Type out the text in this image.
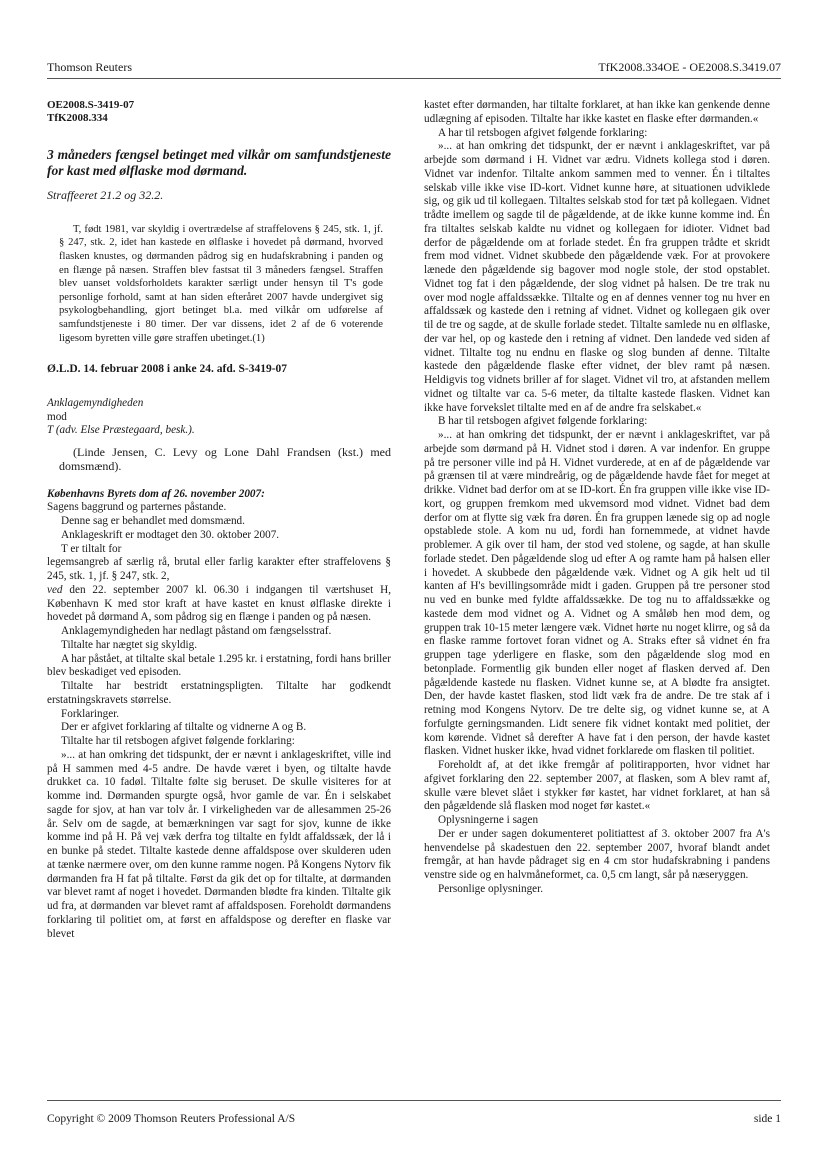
Thomson Reuters	TfK2008.334OE - OE2008.S.3419.07

OE2008.S-3419-07

TfK2008.334

3 måneders fængsel betinget med vilkår om samfundstjeneste for kast med ølflaske mod dørmand.

Straffeeret 21.2 og 32.2.

T, født 1981, var skyldig i overtrædelse af straffelovens § 245, stk. 1, jf. § 247, stk. 2, idet han kastede en ølflaske i hovedet på dørmand, hvorved flasken knustes, og dørmanden pådrog sig en hudafskrabning i panden og en flænge på næsen. Straffen blev fastsat til 3 måneders fængsel. Straffen blev uanset voldsforholdets karakter særligt under hensyn til T's gode personlige forhold, samt at han siden efteråret 2007 havde undergivet sig psykologbehandling, gjort betinget bl.a. med vilkår om udførelse af samfundstjeneste i 80 timer. Der var dissens, idet 2 af de 6 voterende ligesom byretten ville gøre straffen ubetinget.(1)

Ø.L.D. 14. februar 2008 i anke 24. afd. S-3419-07

Anklagemyndigheden

mod

T (adv. Else Præstegaard, besk.).

(Linde Jensen, C. Levy og Lone Dahl Frandsen (kst.) med domsmænd).

Københavns Byrets dom af 26. november 2007:

Sagens baggrund og parternes påstande.

Denne sag er behandlet med domsmænd.

Anklageskrift er modtaget den 30. oktober 2007.

T er tiltalt for

legemsangreb af særlig rå, brutal eller farlig karakter efter straffelovens § 245, stk. 1, jf. § 247, stk. 2,

ved den 22. september 2007 kl. 06.30 i indgangen til værtshuset H, København K med stor kraft at have kastet en knust ølflaske direkte i hovedet på dørmand A, som pådrog sig en flænge i panden og på næsen.

Anklagemyndigheden har nedlagt påstand om fængselsstraf.

Tiltalte har nægtet sig skyldig.

A har påstået, at tiltalte skal betale 1.295 kr. i erstatning, fordi hans briller blev beskadiget ved episoden.

Tiltalte har bestridt erstatningspligten. Tiltalte har godkendt erstatningskravets størrelse.

Forklaringer.

Der er afgivet forklaring af tiltalte og vidnerne A og B.

Tiltalte har til retsbogen afgivet følgende forklaring:

»... at han omkring det tidspunkt, der er nævnt i anklageskriftet, ville ind på H sammen med 4-5 andre. De havde været i byen, og tiltalte havde drukket ca. 10 fadøl. Tiltalte følte sig beruset. De skulle visiteres for at komme ind. Dørmanden spurgte også, hvor gamle de var. Én i selskabet sagde for sjov, at han var tolv år. I virkeligheden var de allesammen 25-26 år. Selv om de sagde, at bemærkningen var sagt for sjov, kunne de ikke komme ind på H. På vej væk derfra tog tiltalte en fyldt affaldssæk, der lå i en bunke på stedet. Tiltalte kastede denne affaldspose over skulderen uden at tænke nærmere over, om den kunne ramme nogen. På Kongens Nytorv fik dørmanden fra H fat på tiltalte. Først da gik det op for tiltalte, at dørmanden var blevet ramt af noget i hovedet. Dørmanden blødte fra kinden. Tiltalte gik ud fra, at dørmanden var blevet ramt af affaldsposen. Foreholdt dørmandens forklaring til politiet om, at først en affaldspose og derefter en flaske var blevet

kastet efter dørmanden, har tiltalte forklaret, at han ikke kan genkende denne udlægning af episoden. Tiltalte har ikke kastet en flaske efter dørmanden.«

A har til retsbogen afgivet følgende forklaring:

»... at han omkring det tidspunkt, der er nævnt i anklageskriftet, var på arbejde som dørmand i H. Vidnet var ædru. Vidnets kollega stod i døren. Vidnet var indenfor. Tiltalte ankom sammen med to venner. Én i tiltaltes selskab ville ikke vise ID-kort. Vidnet kunne høre, at situationen udviklede sig, og gik ud til kollegaen. Tiltaltes selskab stod for tæt på kollegaen. Vidnet trådte imellem og sagde til de pågældende, at de ikke kunne komme ind. Én fra tiltaltes selskab kaldte nu vidnet og kollegaen for idioter. Vidnet bad derfor de pågældende om at forlade stedet. Én fra gruppen trådte et skridt frem mod vidnet. Vidnet skubbede den pågældende væk. For at provokere lænede den pågældende sig bagover mod nogle stole, der stod opstablet. Vidnet tog fat i den pågældende, der slog vidnet på halsen. De tre trak nu over mod nogle affaldssække. Tiltalte og en af dennes venner tog nu hver en affaldssæk og kastede den i retning af vidnet. Vidnet og kollegaen gik over til de tre og sagde, at de skulle forlade stedet. Tiltalte samlede nu en ølflaske, der var hel, op og kastede den i retning af vidnet. Den landede ved siden af vidnet. Tiltalte tog nu endnu en flaske og slog bunden af denne. Tiltalte kastede den pågældende flaske efter vidnet, der blev ramt på næsen. Heldigvis tog vidnets briller af for slaget. Vidnet vil tro, at afstanden mellem vidnet og tiltalte var ca. 5-6 meter, da tiltalte kastede flasken. Vidnet kan ikke have forvekslet tiltalte med en af de andre fra selskabet.«

B har til retsbogen afgivet følgende forklaring:

»... at han omkring det tidspunkt, der er nævnt i anklageskriftet, var på arbejde som dørmand på H. Vidnet stod i døren. A var indenfor. En gruppe på tre personer ville ind på H. Vidnet vurderede, at en af de pågældende var på grænsen til at være mindreårig, og de pågældende havde fået for meget at drikke. Vidnet bad derfor om at se ID-kort. Én fra gruppen ville ikke vise ID-kort, og gruppen fremkom med ukvemsord mod vidnet. Vidnet bad dem derfor om at flytte sig væk fra døren. Én fra gruppen lænede sig op ad nogle opstablede stole. A kom nu ud, fordi han fornemmede, at vidnet havde problemer. A gik over til ham, der stod ved stolene, og sagde, at han skulle forlade stedet. Den pågældende slog ud efter A og ramte ham på halsen eller i hovedet. A skubbede den pågældende væk. Vidnet og A gik helt ud til kanten af H's bevillingsområde midt i gaden. Gruppen på tre personer stod nu ved en bunke med fyldte affaldssække. De tog nu to affaldssække og kastede dem mod vidnet og A. Vidnet og A småløb hen mod dem, og gruppen trak 10-15 meter længere væk. Vidnet hørte nu noget klirre, og så da en flaske ramme fortovet foran vidnet og A. Straks efter så vidnet én fra gruppen tage yderligere en flaske, som den pågældende slog mod en betonplade. Formentlig gik bunden eller noget af flasken derved af. Den pågældende kastede nu flasken. Vidnet kunne se, at A blødte fra ansigtet. Den, der havde kastet flasken, stod lidt væk fra de andre. De tre stak af i retning mod Kongens Nytorv. De tre delte sig, og vidnet kunne se, at A forfulgte gerningsmanden. Lidt senere fik vidnet kontakt med politiet, der kom kørende. Vidnet så derefter A have fat i den person, der havde kastet flasken. Vidnet husker ikke, hvad vidnet forklarede om flasken til politiet.

Foreholdt af, at det ikke fremgår af politirapporten, hvor vidnet har afgivet forklaring den 22. september 2007, at flasken, som A blev ramt af, skulle være blevet slået i stykker før kastet, har vidnet forklaret, at han så den pågældende slå flasken mod noget før kastet.«

Oplysningerne i sagen

Der er under sagen dokumenteret politiattest af 3. oktober 2007 fra A's henvendelse på skadestuen den 22. september 2007, hvoraf blandt andet fremgår, at han havde pådraget sig en 4 cm stor hudafskrabning i pandens venstre side og en halvmåneformet, ca. 0,5 cm langt, sår på næseryggen.

Personlige oplysninger.

Copyright © 2009 Thomson Reuters Professional A/S	side 1
